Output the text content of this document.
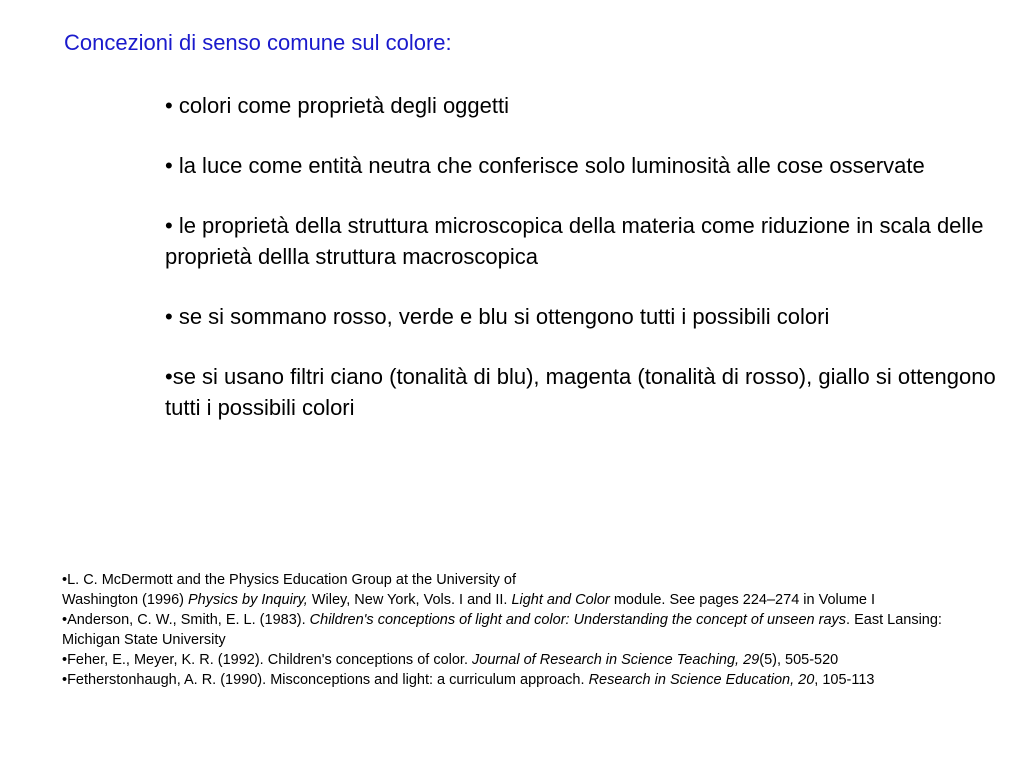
Concezioni di senso comune sul colore:

• colori come proprietà degli oggetti

• la luce come entità neutra che conferisce solo luminosità alle cose osservate

• le proprietà della struttura microscopica della materia come riduzione in scala delle proprietà dellla struttura macroscopica

• se si sommano rosso, verde e blu si ottengono tutti i possibili colori

•se si usano filtri ciano (tonalità di blu), magenta (tonalità di rosso), giallo si ottengono tutti i possibili colori

•L. C. McDermott and the Physics Education Group at the University of
Washington (1996) Physics by Inquiry, Wiley, New York, Vols. I and II. Light and Color module. See pages 224–274 in Volume I

•Anderson, C. W., Smith, E. L. (1983). Children's conceptions of light and color: Understanding the concept of unseen rays. East Lansing: Michigan State University

•Feher, E., Meyer, K. R. (1992). Children's conceptions of color. Journal of Research in Science Teaching, 29(5), 505-520

•Fetherstonhaugh, A. R. (1990). Misconceptions and light: a curriculum approach. Research in Science Education, 20, 105-113
